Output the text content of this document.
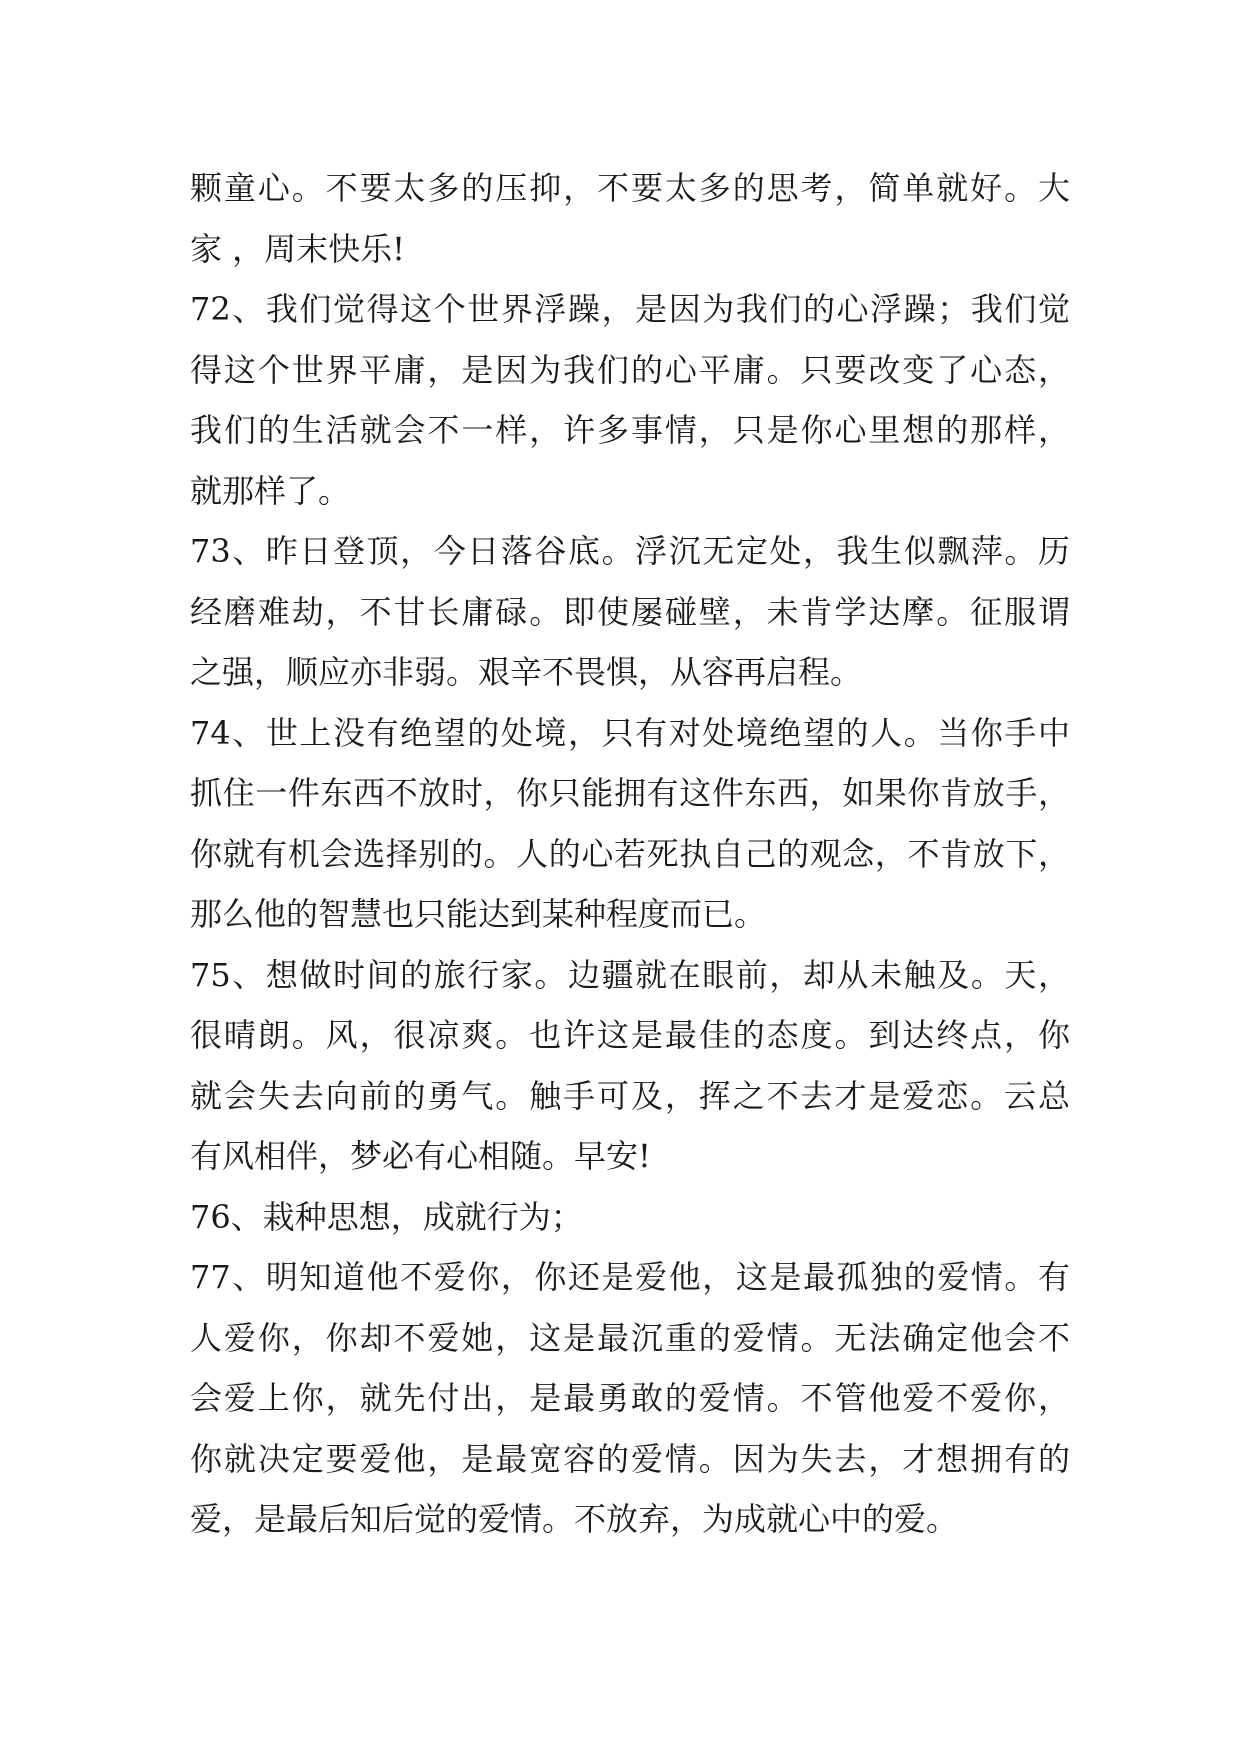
颗童心。不要太多的压抑，不要太多的思考，简单就好。大
家 ，周末快乐!
72、我们觉得这个世界浮躁，是因为我们的心浮躁；我们觉
得这个世界平庸，是因为我们的心平庸。只要改变了心态，
我们的生活就会不一样，许多事情，只是你心里想的那样，
就那样了。
73、昨日登顶，今日落谷底。浮沉无定处，我生似飘萍。历
经磨难劫，不甘长庸碌。即使屡碰壁，未肯学达摩。征服谓
之强，顺应亦非弱。艰辛不畏惧，从容再启程。
74、世上没有绝望的处境，只有对处境绝望的人。当你手中
抓住一件东西不放时，你只能拥有这件东西，如果你肯放手，
你就有机会选择别的。人的心若死执自己的观念，不肯放下，
那么他的智慧也只能达到某种程度而已。
75、想做时间的旅行家。边疆就在眼前，却从未触及。天，
很晴朗。风，很凉爽。也许这是最佳的态度。到达终点，你
就会失去向前的勇气。触手可及，挥之不去才是爱恋。云总
有风相伴，梦必有心相随。早安!
76、栽种思想，成就行为；
77、明知道他不爱你，你还是爱他，这是最孤独的爱情。有
人爱你，你却不爱她，这是最沉重的爱情。无法确定他会不
会爱上你，就先付出，是最勇敢的爱情。不管他爱不爱你，
你就决定要爱他，是最宽容的爱情。因为失去，才想拥有的
爱，是最后知后觉的爱情。不放弃，为成就心中的爱。
